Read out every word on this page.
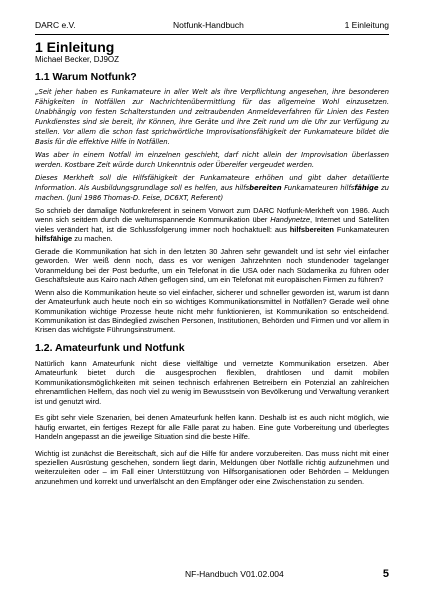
DARC e.V.	Notfunk-Handbuch	1 Einleitung
1 Einleitung
Michael Becker, DJ9OZ
1.1 Warum Notfunk?

„Seit jeher haben es Funkamateure in aller Welt als ihre Verpflichtung angesehen, ihre besonderen Fähigkeiten in Notfällen zur Nachrichtenübermittlung für das allgemeine Wohl einzusetzen. Unabhängig von festen Schalterstunden und zeitraubenden Anmeldeverfahren für Linien des Festen Funkdienstes sind sie bereit, ihr Können, ihre Geräte und ihre Zeit rund um die Uhr zur Verfügung zu stellen. Vor allem die schon fast sprichwörtliche Improvisationsfähigkeit der Funkamateure bildet die Basis für die effektive Hilfe in Notfällen.

Was aber in einem Notfall im einzelnen geschieht, darf nicht allein der Improvisation überlassen werden. Kostbare Zeit würde durch Unkenntnis oder Übereifer vergeudet werden.

Dieses Merkheft soll die Hilfsfähigkeit der Funkamateure erhöhen und gibt daher detaillierte Information. Als Ausbildungsgrundlage soll es helfen, aus hilfsbereiten Funkamateuren hilfsfähige zu machen. (Juni 1986 Thomas-D. Feise, DC6XT, Referent)

So schrieb der damalige Notfunkreferent in seinem Vorwort zum DARC Notfunk-Merkheft von 1986. Auch wenn sich seitdem durch die weltumspannende Kommunikation über Handynetze, Internet und Satelliten vieles verändert hat, ist die Schlussfolgerung immer noch hochaktuell: aus hilfsbereiten Funkamateuren hilfsfähige zu machen.

Gerade die Kommunikation hat sich in den letzten 30 Jahren sehr gewandelt und ist sehr viel einfacher geworden. Wer weiß denn noch, dass es vor wenigen Jahrzehnten noch stundenoder tagelanger Voranmeldung bei der Post bedurfte, um ein Telefonat in die USA oder nach Südamerika zu führen oder Geschäftsleute aus Kairo nach Athen geflogen sind, um ein Telefonat mit europäischen Firmen zu führen?

Wenn also die Kommunikation heute so viel einfacher, sicherer und schneller geworden ist, warum ist dann der Amateurfunk auch heute noch ein so wichtiges Kommunikationsmittel in Notfällen? Gerade weil ohne Kommunikation wichtige Prozesse heute nicht mehr funktionieren, ist Kommunikation so entscheidend. Kommunikation ist das Bindeglied zwischen Personen, Institutionen, Behörden und Firmen und vor allem in Krisen das wichtigste Führungsinstrument.

1.2. Amateurfunk und Notfunk

Natürlich kann Amateurfunk nicht diese vielfältige und vernetzte Kommunikation ersetzen. Aber Amateurfunk bietet durch die ausgesprochen flexiblen, drahtlosen und damit mobilen Kommunikationsmöglichkeiten mit seinen technisch erfahrenen Betreibern ein Potenzial an zahlreichen ehrenamtlichen Helfern, das noch viel zu wenig im Bewusstsein von Bevölkerung und Verwaltung verankert ist und genutzt wird.

Es gibt sehr viele Szenarien, bei denen Amateurfunk helfen kann. Deshalb ist es auch nicht möglich, wie häufig erwartet, ein fertiges Rezept für alle Fälle parat zu haben. Eine gute Vorbereitung und überlegtes Handeln angepasst an die jeweilige Situation sind die beste Hilfe.

Wichtig ist zunächst die Bereitschaft, sich auf die Hilfe für andere vorzubereiten. Das muss nicht mit einer speziellen Ausrüstung geschehen, sondern liegt darin, Meldungen über Notfälle richtig aufzunehmen und weiterzuleiten oder – im Fall einer Unterstützung von Hilfsorganisationen oder Behörden – Meldungen anzunehmen und korrekt und unverfälscht an den Empfänger oder eine Zwischenstation zu senden.

NF-Handbuch V01.02.004	5
